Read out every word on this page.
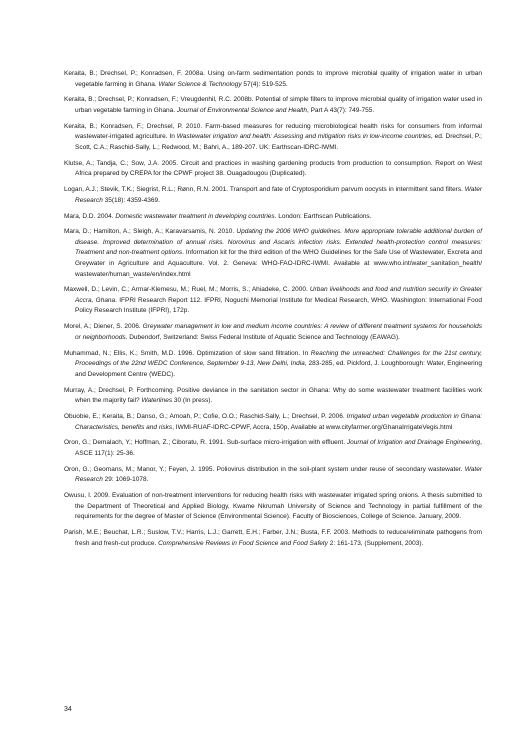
Keraita, B.; Drechsel, P.; Konradsen, F. 2008a. Using on-farm sedimentation ponds to improve microbial quality of irrigation water in urban vegetable farming in Ghana. Water Science & Technology 57(4): 519-525.

Keraita, B.; Drechsel, P.; Konradsen, F.; Vreugdenhil, R.C. 2008b. Potential of simple filters to improve microbial quality of irrigation water used in urban vegetable farming in Ghana. Journal of Environmental Science and Health, Part A 43(7): 749-755.

Keraita, B.; Konradsen, F.; Drechsel, P. 2010. Farm-based measures for reducing microbiological health risks for consumers from informal wastewater-irrigated agriculture. In Wastewater irrigation and health: Assessing and mitigation risks in low-income countries, ed. Drechsel, P.; Scott, C.A.; Raschid-Sally, L.; Redwood, M.; Bahri, A., 189-207. UK: Earthscan-IDRC-IWMI.

Klutse, A.; Tandja, C.; Sow, J.A. 2005. Circuit and practices in washing gardening products from production to consumption. Report on West Africa prepared by CREPA for the CPWF project 38. Ouagadougou (Duplicated).

Logan, A.J.; Stevik, T.K.; Siegrist, R.L.; Rønn, R.N. 2001. Transport and fate of Cryptosporidium parvum oocysts in intermittent sand filters. Water Research 35(18): 4359-4369.

Mara, D.D. 2004. Domestic wastewater treatment in developing countries. London: Earthscan Publications.

Mara, D.; Hamilton, A.; Sleigh, A.; Karavarsamis, N. 2010. Updating the 2006 WHO guidelines. More appropriate tolerable additional burden of disease. Improved determination of annual risks. Norovirus and Ascaris infection risks. Extended health-protection control measures: Treatment and non-treatment options. Information kit for the third edition of the WHO Guidelines for the Safe Use of Wastewater, Excreta and Greywater in Agriculture and Aquaculture. Vol. 2. Geneva: WHO-FAO-IDRC-IWMI. Available at www.who.int/water_sanitation_health/ wastewater/human_waste/en/index.html

Maxwell, D.; Levin, C.; Armar-Klemesu, M.; Ruel, M.; Morris, S.; Ahiadeke, C. 2000. Urban livelihoods and food and nutrition security in Greater Accra, Ghana. IFPRI Research Report 112. IFPRI, Noguchi Memorial Institute for Medical Research, WHO. Washington: International Food Policy Research Institute (IFPRI), 172p.

Morel, A.; Diener, S. 2006. Greywater management in low and medium income countries: A review of different treatment systems for households or neighborhoods. Dubendorf, Switzerland: Swiss Federal Institute of Aquatic Science and Technology (EAWAG).

Muhammad, N.; Ellis, K.; Smith, M.D. 1996. Optimization of slow sand filtration. In Reaching the unreached: Challenges for the 21st century, Proceedings of the 22nd WEDC Conference, September 9-13, New Delhi, India, 283-285, ed. Pickford, J. Loughborough: Water, Engineering and Development Centre (WEDC).

Murray, A.; Drechsel, P. Forthcoming. Positive deviance in the sanitation sector in Ghana: Why do some wastewater treatment facilities work when the majority fail? Waterlines 30 (In press).

Obuobie, E.; Keraita, B.; Danso, G.; Amoah, P.; Cofie, O.O.; Raschid-Sally, L.; Drechsel, P. 2006. Irrigated urban vegetable production in Ghana: Characteristics, benefits and risks, IWMI-RUAF-IDRC-CPWF, Accra, 150p, Available at www.cityfarmer.org/GhanaIrrigateVegis.html

Oron, G.; Demalach, Y.; Hoffman, Z.; Ciboratu, R. 1991. Sub-surface micro-irrigation with effluent. Journal of Irrigation and Drainage Engineering, ASCE 117(1): 25-36.

Oron, G.; Geomans, M.; Manor, Y.; Feyen, J. 1995. Poliovirus distribution in the soil-plant system under reuse of secondary wastewater. Water Research 29: 1069-1078.

Owusu, I. 2009. Evaluation of non-treatment interventions for reducing health risks with wastewater irrigated spring onions. A thesis submitted to the Department of Theoretical and Applied Biology, Kwame Nkrumah University of Science and Technology in partial fulfillment of the requirements for the degree of Master of Science (Environmental Science). Faculty of Biosciences, College of Science. January, 2009.

Parish, M.E.; Beuchat, L.R.; Suslow, T.V.; Harris, L.J.; Garrett, E.H.; Farber, J.N.; Busta, F.F. 2003. Methods to reduce/eliminate pathogens from fresh and fresh-cut produce. Comprehensive Reviews in Food Science and Food Safety 2: 161-173, (Supplement, 2003).

34
